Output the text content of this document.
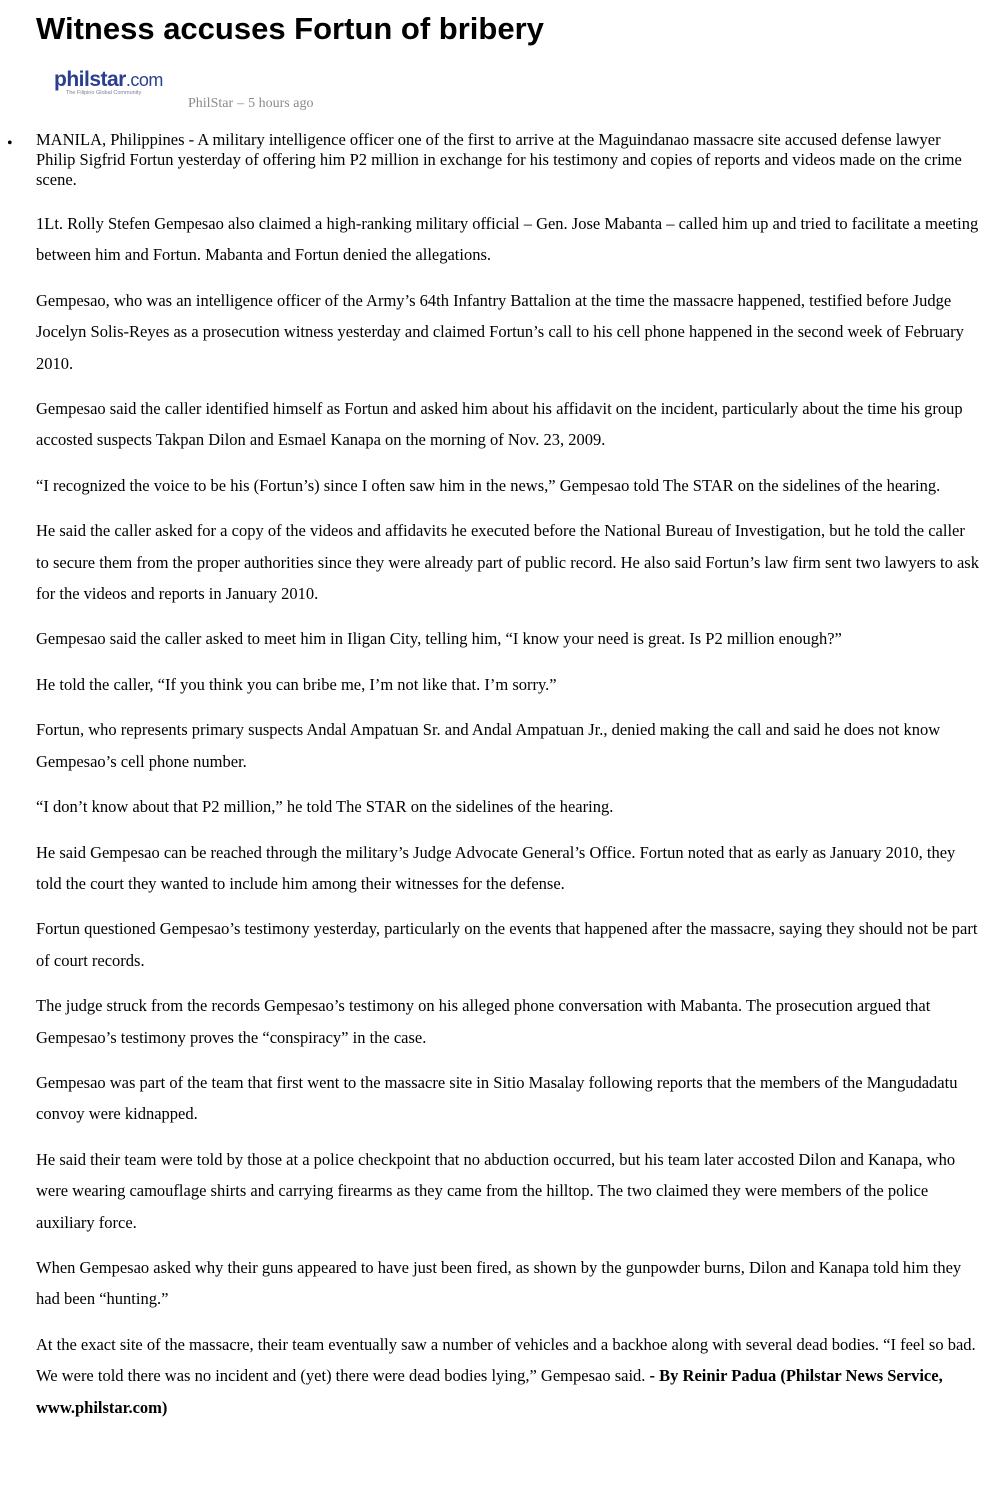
Witness accuses Fortun of bribery
philstar.com
The Filipino Global Community
PhilStar – 5 hours ago
• MANILA, Philippines - A military intelligence officer one of the first to arrive at the Maguindanao massacre site accused defense lawyer Philip Sigfrid Fortun yesterday of offering him P2 million in exchange for his testimony and copies of reports and videos made on the crime scene.

1Lt. Rolly Stefen Gempesao also claimed a high-ranking military official – Gen. Jose Mabanta – called him up and tried to facilitate a meeting between him and Fortun. Mabanta and Fortun denied the allegations.

Gempesao, who was an intelligence officer of the Army’s 64th Infantry Battalion at the time the massacre happened, testified before Judge Jocelyn Solis-Reyes as a prosecution witness yesterday and claimed Fortun’s call to his cell phone happened in the second week of February 2010.

Gempesao said the caller identified himself as Fortun and asked him about his affidavit on the incident, particularly about the time his group accosted suspects Takpan Dilon and Esmael Kanapa on the morning of Nov. 23, 2009.

“I recognized the voice to be his (Fortun’s) since I often saw him in the news,” Gempesao told The STAR on the sidelines of the hearing.

He said the caller asked for a copy of the videos and affidavits he executed before the National Bureau of Investigation, but he told the caller to secure them from the proper authorities since they were already part of public record. He also said Fortun’s law firm sent two lawyers to ask for the videos and reports in January 2010.

Gempesao said the caller asked to meet him in Iligan City, telling him, “I know your need is great. Is P2 million enough?”

He told the caller, “If you think you can bribe me, I’m not like that. I’m sorry.”

Fortun, who represents primary suspects Andal Ampatuan Sr. and Andal Ampatuan Jr., denied making the call and said he does not know Gempesao’s cell phone number.

“I don’t know about that P2 million,” he told The STAR on the sidelines of the hearing.

He said Gempesao can be reached through the military’s Judge Advocate General’s Office. Fortun noted that as early as January 2010, they told the court they wanted to include him among their witnesses for the defense.

Fortun questioned Gempesao’s testimony yesterday, particularly on the events that happened after the massacre, saying they should not be part of court records.

The judge struck from the records Gempesao’s testimony on his alleged phone conversation with Mabanta. The prosecution argued that Gempesao’s testimony proves the “conspiracy” in the case.

Gempesao was part of the team that first went to the massacre site in Sitio Masalay following reports that the members of the Mangudadatu convoy were kidnapped.

He said their team were told by those at a police checkpoint that no abduction occurred, but his team later accosted Dilon and Kanapa, who were wearing camouflage shirts and carrying firearms as they came from the hilltop. The two claimed they were members of the police auxiliary force.

When Gempesao asked why their guns appeared to have just been fired, as shown by the gunpowder burns, Dilon and Kanapa told him they had been “hunting.”

At the exact site of the massacre, their team eventually saw a number of vehicles and a backhoe along with several dead bodies. “I feel so bad. We were told there was no incident and (yet) there were dead bodies lying,” Gempesao said. - By Reinir Padua (Philstar News Service, www.philstar.com)
